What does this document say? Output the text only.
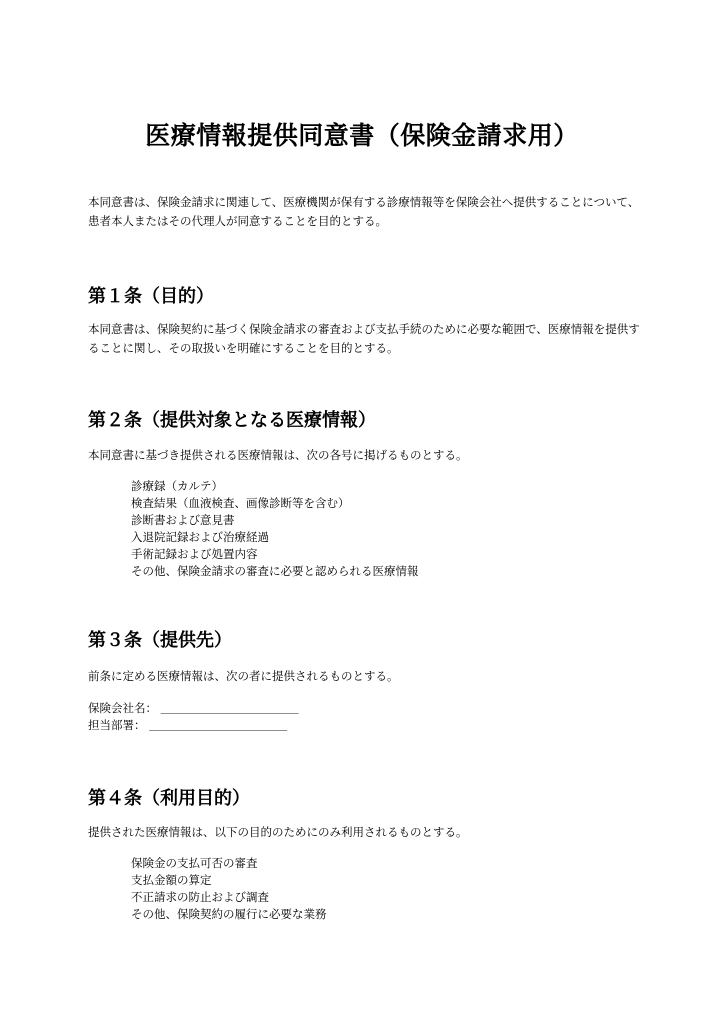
医療情報提供同意書（保険金請求用）

本同意書は、保険金請求に関連して、医療機関が保有する診療情報等を保険会社へ提供することについて、患者本人またはその代理人が同意することを目的とする。

第１条（目的）

本同意書は、保険契約に基づく保険金請求の審査および支払手続のために必要な範囲で、医療情報を提供することに関し、その取扱いを明確にすることを目的とする。

第２条（提供対象となる医療情報）

本同意書に基づき提供される医療情報は、次の各号に掲げるものとする。

診療録（カルテ）
検査結果（血液検査、画像診断等を含む）
診断書および意見書
入退院記録および治療経過
手術記録および処置内容
その他、保険金請求の審査に必要と認められる医療情報
第３条（提供先）

前条に定める医療情報は、次の者に提供されるものとする。

保険会社名： ＿＿＿＿＿＿＿＿＿＿＿＿
担当部署： ＿＿＿＿＿＿＿＿＿＿＿＿
第４条（利用目的）

提供された医療情報は、以下の目的のためにのみ利用されるものとする。

保険金の支払可否の審査
支払金額の算定
不正請求の防止および調査
その他、保険契約の履行に必要な業務
